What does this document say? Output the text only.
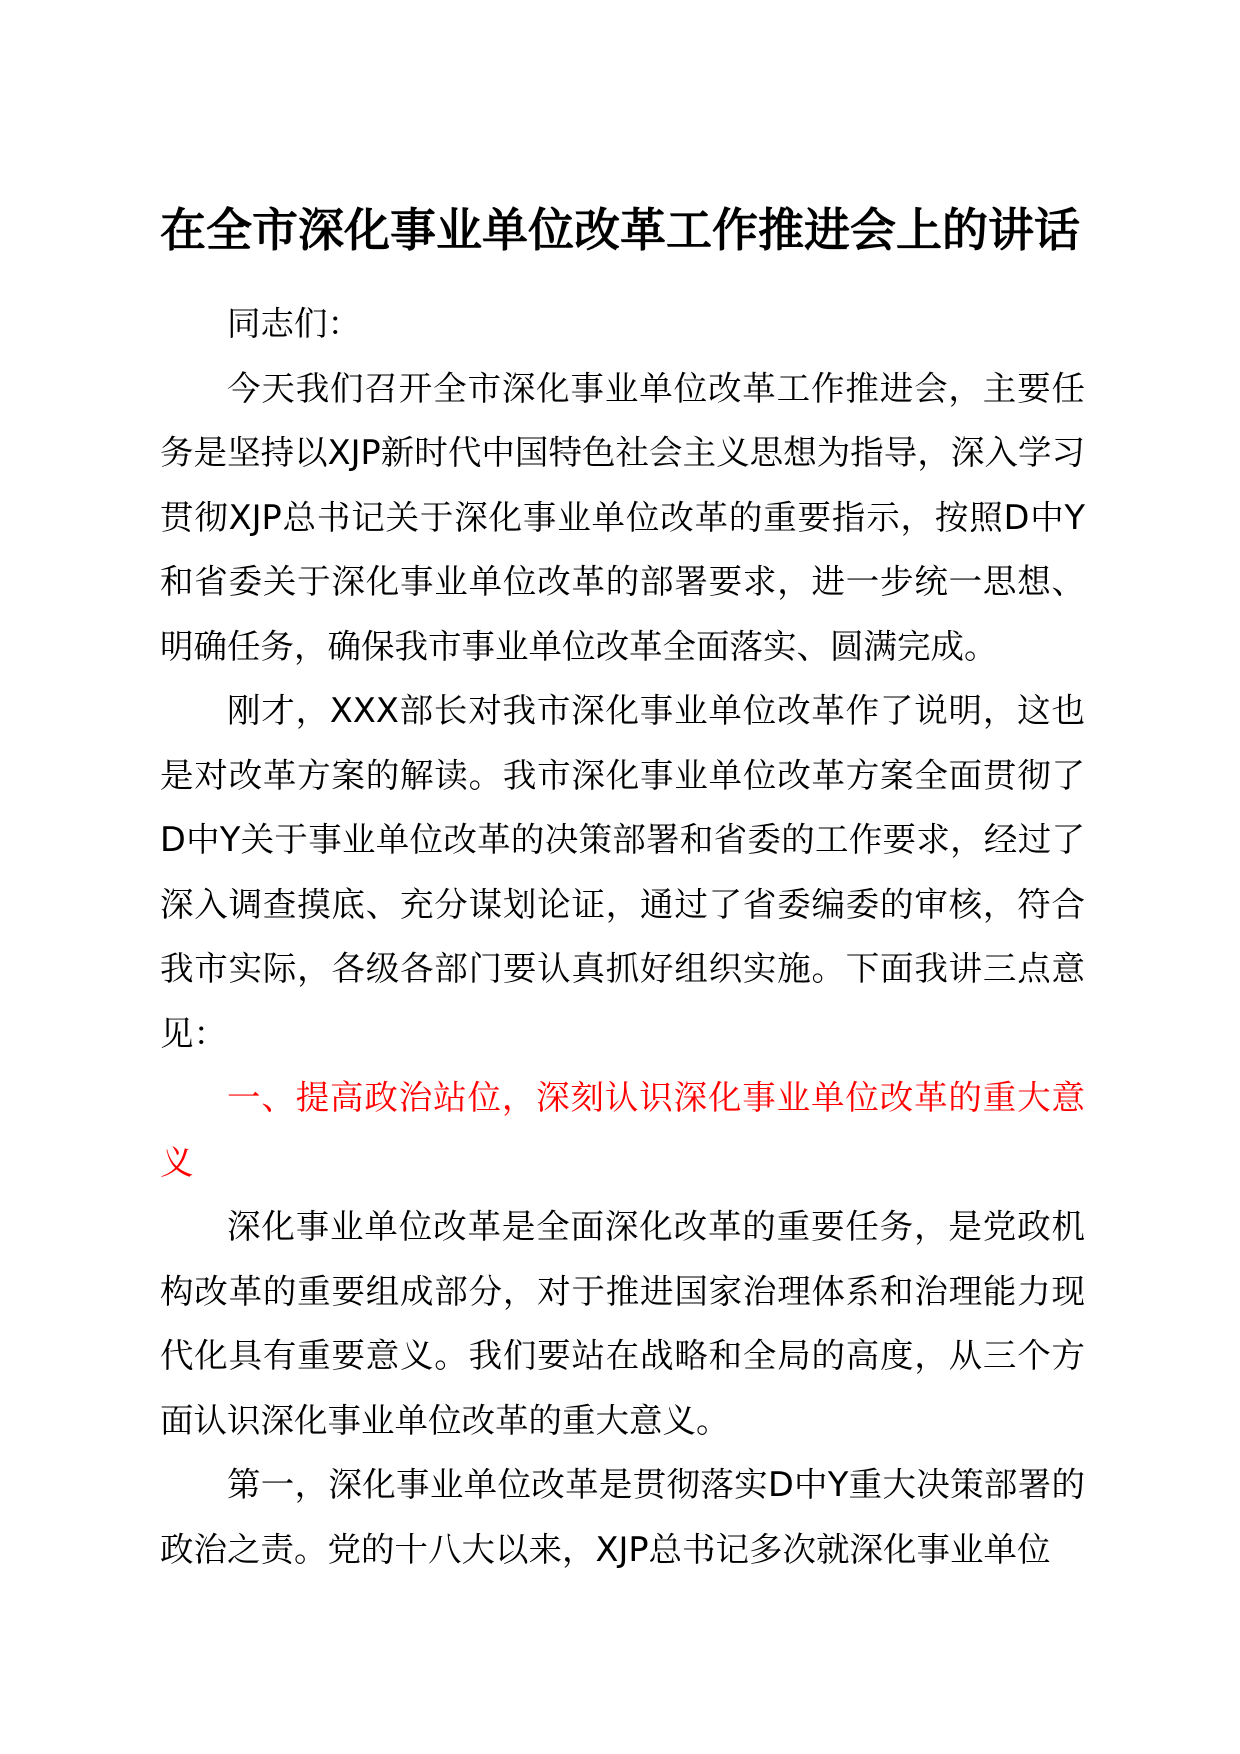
在全市深化事业单位改革工作推进会上的讲话

同志们：

今天我们召开全市深化事业单位改革工作推进会，主要任务是坚持以XJP新时代中国特色社会主义思想为指导，深入学习贯彻XJP总书记关于深化事业单位改革的重要指示，按照D中Y和省委关于深化事业单位改革的部署要求，进一步统一思想、明确任务，确保我市事业单位改革全面落实、圆满完成。

刚才，XXX部长对我市深化事业单位改革作了说明，这也是对改革方案的解读。我市深化事业单位改革方案全面贯彻了D中Y关于事业单位改革的决策部署和省委的工作要求，经过了深入调查摸底、充分谋划论证，通过了省委编委的审核，符合我市实际，各级各部门要认真抓好组织实施。下面我讲三点意见：

一、提高政治站位，深刻认识深化事业单位改革的重大意义

深化事业单位改革是全面深化改革的重要任务，是党政机构改革的重要组成部分，对于推进国家治理体系和治理能力现代化具有重要意义。我们要站在战略和全局的高度，从三个方面认识深化事业单位改革的重大意义。

第一，深化事业单位改革是贯彻落实D中Y重大决策部署的政治之责。党的十八大以来，XJP总书记多次就深化事业单位
